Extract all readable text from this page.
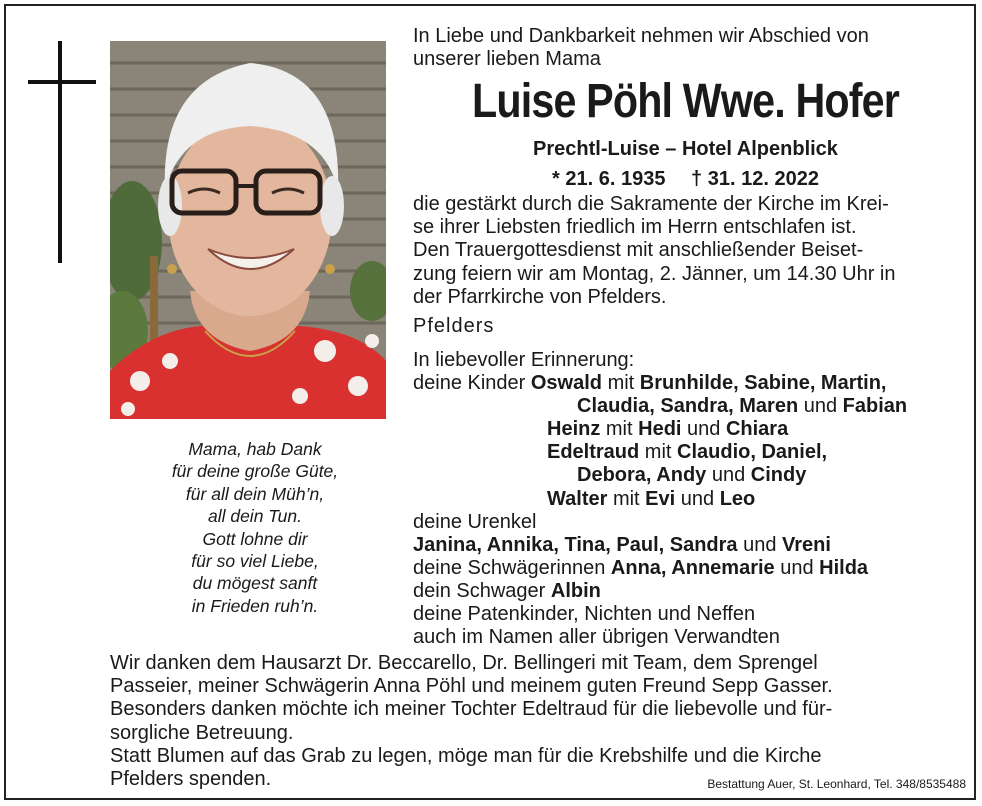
Mama, hab Dank
für deine große Güte,
für all dein Müh’n,
all dein Tun.
Gott lohne dir
für so viel Liebe,
du mögest sanft
in Frieden ruh’n.
In Liebe und Dankbarkeit nehmen wir Abschied von
unserer lieben Mama
Luise Pöhl Wwe. Hofer
Prechtl-Luise – Hotel Alpenblick
* 21. 6. 1935 † 31. 12. 2022
die gestärkt durch die Sakramente der Kirche im Krei-
se ihrer Liebsten friedlich im Herrn entschlafen ist.
Den Trauergottesdienst mit anschließender Beiset-
zung feiern wir am Montag, 2. Jänner, um 14.30 Uhr in
der Pfarrkirche von Pfelders.
Pfelders
In liebevoller Erinnerung:
deine Kinder Oswald mit Brunhilde, Sabine, Martin,
Claudia, Sandra, Maren und Fabian
Heinz mit Hedi und Chiara
Edeltraud mit Claudio, Daniel,
Debora, Andy und Cindy
Walter mit Evi und Leo
deine Urenkel
Janina, Annika, Tina, Paul, Sandra und Vreni
deine Schwägerinnen Anna, Annemarie und Hilda
dein Schwager Albin
deine Patenkinder, Nichten und Neffen
auch im Namen aller übrigen Verwandten
Wir danken dem Hausarzt Dr. Beccarello, Dr. Bellingeri mit Team, dem Sprengel
Passeier, meiner Schwägerin Anna Pöhl und meinem guten Freund Sepp Gasser.
Besonders danken möchte ich meiner Tochter Edeltraud für die liebevolle und für-
sorgliche Betreuung.
Statt Blumen auf das Grab zu legen, möge man für die Krebshilfe und die Kirche
Pfelders spenden.	Bestattung Auer, St. Leonhard, Tel. 348/8535488
